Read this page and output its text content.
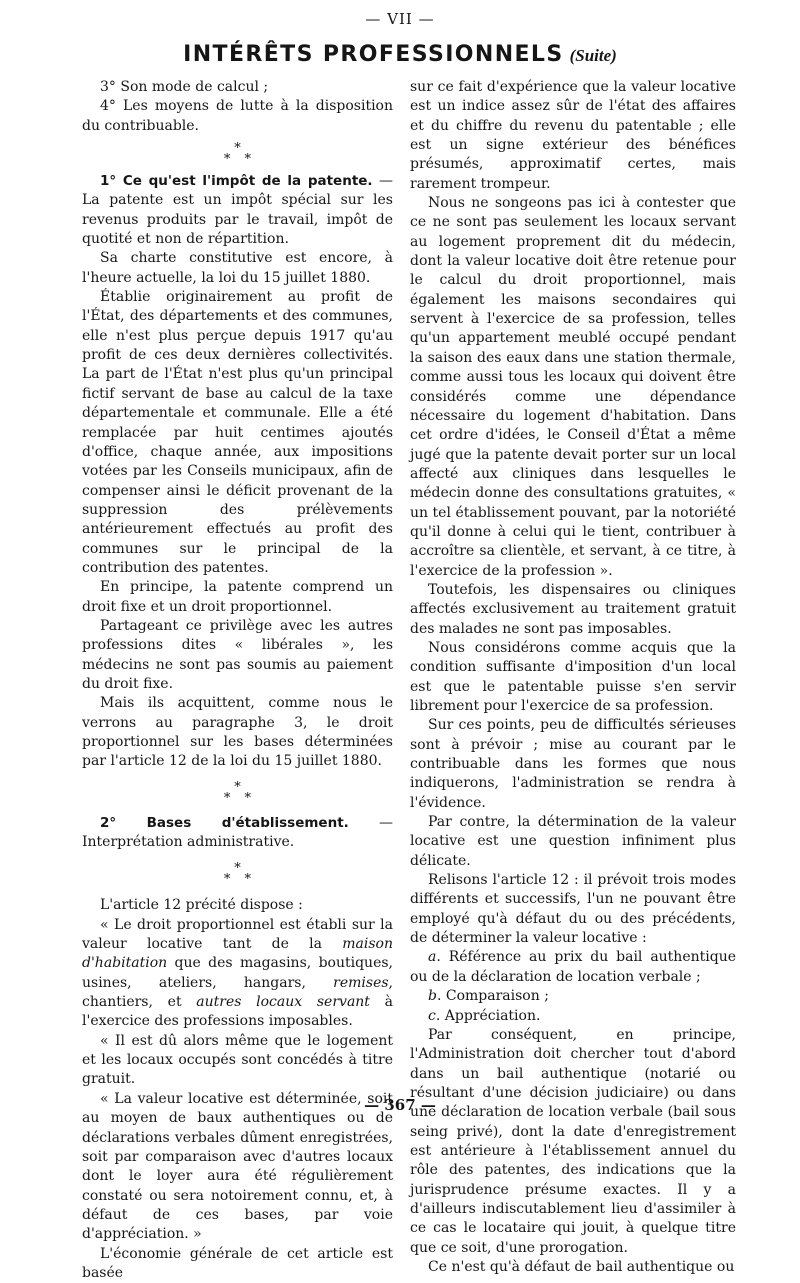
— VII —
INTÉRÊTS PROFESSIONNELS (Suite)

3° Son mode de calcul ;

4° Les moyens de lutte à la disposition du contribuable.

*
* *

1° Ce qu'est l'impôt de la patente. — La patente est un impôt spécial sur les revenus produits par le travail, impôt de quotité et non de répartition.

Sa charte constitutive est encore, à l'heure actuelle, la loi du 15 juillet 1880.

Établie originairement au profit de l'État, des départements et des communes, elle n'est plus perçue depuis 1917 qu'au profit de ces deux dernières collectivités. La part de l'État n'est plus qu'un principal fictif servant de base au calcul de la taxe départementale et communale. Elle a été remplacée par huit centimes ajoutés d'office, chaque année, aux impositions votées par les Conseils municipaux, afin de compenser ainsi le déficit provenant de la suppression des prélèvements antérieurement effectués au profit des communes sur le principal de la contribution des patentes.

En principe, la patente comprend un droit fixe et un droit proportionnel.

Partageant ce privilège avec les autres professions dites « libérales », les médecins ne sont pas soumis au paiement du droit fixe.

Mais ils acquittent, comme nous le verrons au paragraphe 3, le droit proportionnel sur les bases déterminées par l'article 12 de la loi du 15 juillet 1880.

*
* *

2° Bases d'établissement. — Interprétation administrative.

*
* *

L'article 12 précité dispose :

« Le droit proportionnel est établi sur la valeur locative tant de la maison d'habitation que des magasins, boutiques, usines, ateliers, hangars, remises, chantiers, et autres locaux servant à l'exercice des professions imposables.

« Il est dû alors même que le logement et les locaux occupés sont concédés à titre gratuit.

« La valeur locative est déterminée, soit au moyen de baux authentiques ou de déclarations verbales dûment enregistrées, soit par comparaison avec d'autres locaux dont le loyer aura été régulièrement constaté ou sera notoirement connu, et, à défaut de ces bases, par voie d'appréciation. »

L'économie générale de cet article est basée

sur ce fait d'expérience que la valeur locative est un indice assez sûr de l'état des affaires et du chiffre du revenu du patentable ; elle est un signe extérieur des bénéfices présumés, approximatif certes, mais rarement trompeur.

Nous ne songeons pas ici à contester que ce ne sont pas seulement les locaux servant au logement proprement dit du médecin, dont la valeur locative doit être retenue pour le calcul du droit proportionnel, mais également les maisons secondaires qui servent à l'exercice de sa profession, telles qu'un appartement meublé occupé pendant la saison des eaux dans une station thermale, comme aussi tous les locaux qui doivent être considérés comme une dépendance nécessaire du logement d'habitation. Dans cet ordre d'idées, le Conseil d'État a même jugé que la patente devait porter sur un local affecté aux cliniques dans lesquelles le médecin donne des consultations gratuites, « un tel établissement pouvant, par la notoriété qu'il donne à celui qui le tient, contribuer à accroître sa clientèle, et servant, à ce titre, à l'exercice de la profession ».

Toutefois, les dispensaires ou cliniques affectés exclusivement au traitement gratuit des malades ne sont pas imposables.

Nous considérons comme acquis que la condition suffisante d'imposition d'un local est que le patentable puisse s'en servir librement pour l'exercice de sa profession.

Sur ces points, peu de difficultés sérieuses sont à prévoir ; mise au courant par le contribuable dans les formes que nous indiquerons, l'administration se rendra à l'évidence.

Par contre, la détermination de la valeur locative est une question infiniment plus délicate.

Relisons l'article 12 : il prévoit trois modes différents et successifs, l'un ne pouvant être employé qu'à défaut du ou des précédents, de déterminer la valeur locative :

a. Référence au prix du bail authentique ou de la déclaration de location verbale ;

b. Comparaison ;

c. Appréciation.

Par conséquent, en principe, l'Administration doit chercher tout d'abord dans un bail authentique (notarié ou résultant d'une décision judiciaire) ou dans une déclaration de location verbale (bail sous seing privé), dont la date d'enregistrement est antérieure à l'établissement annuel du rôle des patentes, des indications que la jurisprudence présume exactes. Il y a d'ailleurs indiscutablement lieu d'assimiler à ce cas le locataire qui jouit, à quelque titre que ce soit, d'une prorogation.

Ce n'est qu'à défaut de bail authentique ou

— 367 —
